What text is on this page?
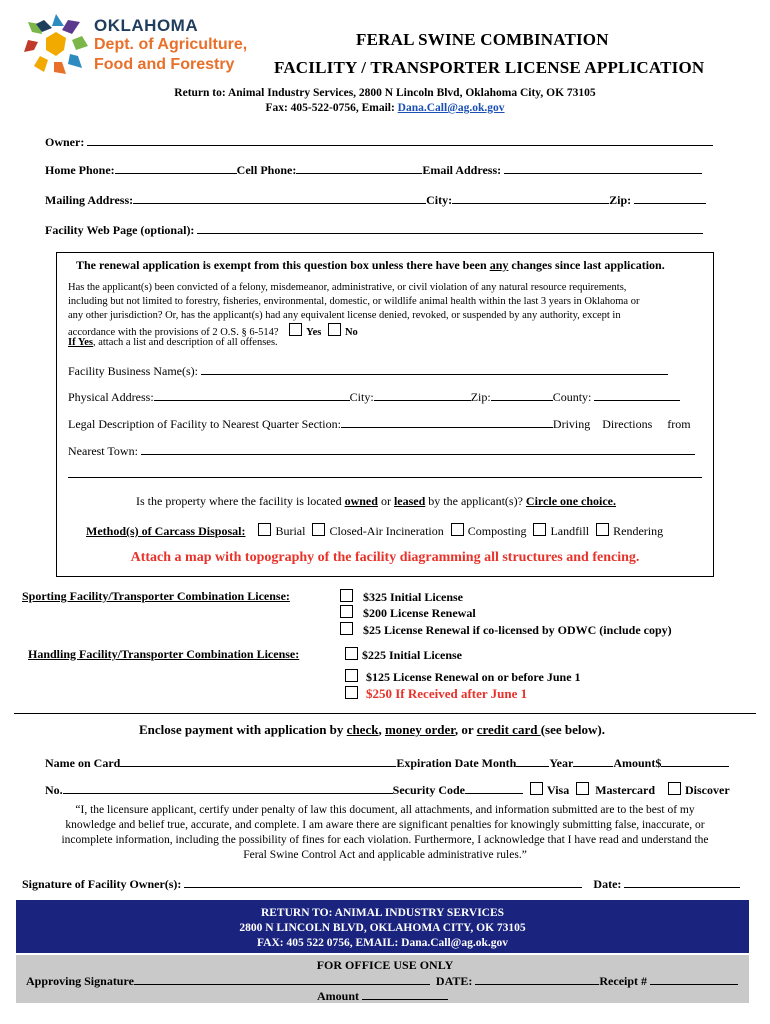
OKLAHOMA
Dept. of Agriculture,
Food and Forestry
FERAL SWINE COMBINATION
FACILITY / TRANSPORTER LICENSE APPLICATION
Return to: Animal Industry Services, 2800 N Lincoln Blvd, Oklahoma City, OK 73105
Fax: 405-522-0756, Email: Dana.Call@ag.ok.gov
Owner:
Home Phone:	Cell Phone:	Email Address:
Mailing Address:	City:	Zip:
Facility Web Page (optional):
The renewal application is exempt from this question box unless there have been any changes since last application.
Has the applicant(s) been convicted of a felony, misdemeanor, administrative, or civil violation of any natural resource requirements,
including but not limited to forestry, fisheries, environmental, domestic, or wildlife animal health within the last 3 years in Oklahoma or
any other jurisdiction? Or, has the applicant(s) had any equivalent license denied, revoked, or suspended by any authority, except in
accordance with the provisions of 2 O.S. § 6-514?	Yes No
If Yes, attach a list and description of all offenses.
Facility Business Name(s):
Physical Address:	City:	Zip:	County:
Legal Description of Facility to Nearest Quarter Section:	Driving Directions from
Nearest Town:
Is the property where the facility is located owned or leased by the applicant(s)? Circle one choice.
Method(s) of Carcass Disposal:	Burial Closed-Air Incineration Composting Landfill Rendering
Attach a map with topography of the facility diagramming all structures and fencing.
Sporting Facility/Transporter Combination License:	$325 Initial License
$200 License Renewal
$25 License Renewal if co-licensed by ODWC (include copy)
Handling Facility/Transporter Combination License:	$225 Initial License
$125 License Renewal on or before June 1
$250 If Received after June 1
Enclose payment with application by check, money order, or credit card (see below).
Name on Card	Expiration Date Month	Year	Amount$
No.	Security Code	Visa Mastercard	Discover
“I, the licensure applicant, certify under penalty of law this document, all attachments, and information submitted are to the best of my
knowledge and belief true, accurate, and complete. I am aware there are significant penalties for knowingly submitting false, inaccurate, or
incomplete information, including the possibility of fines for each violation. Furthermore, I acknowledge that I have read and understand the
Feral Swine Control Act and applicable administrative rules.”
Signature of Facility Owner(s):	Date:
RETURN TO: ANIMAL INDUSTRY SERVICES
2800 N LINCOLN BLVD, OKLAHOMA CITY, OK 73105
FAX: 405 522 0756, EMAIL: Dana.Call@ag.ok.gov
FOR OFFICE USE ONLY
Approving Signature	DATE:	Receipt #
Amount
